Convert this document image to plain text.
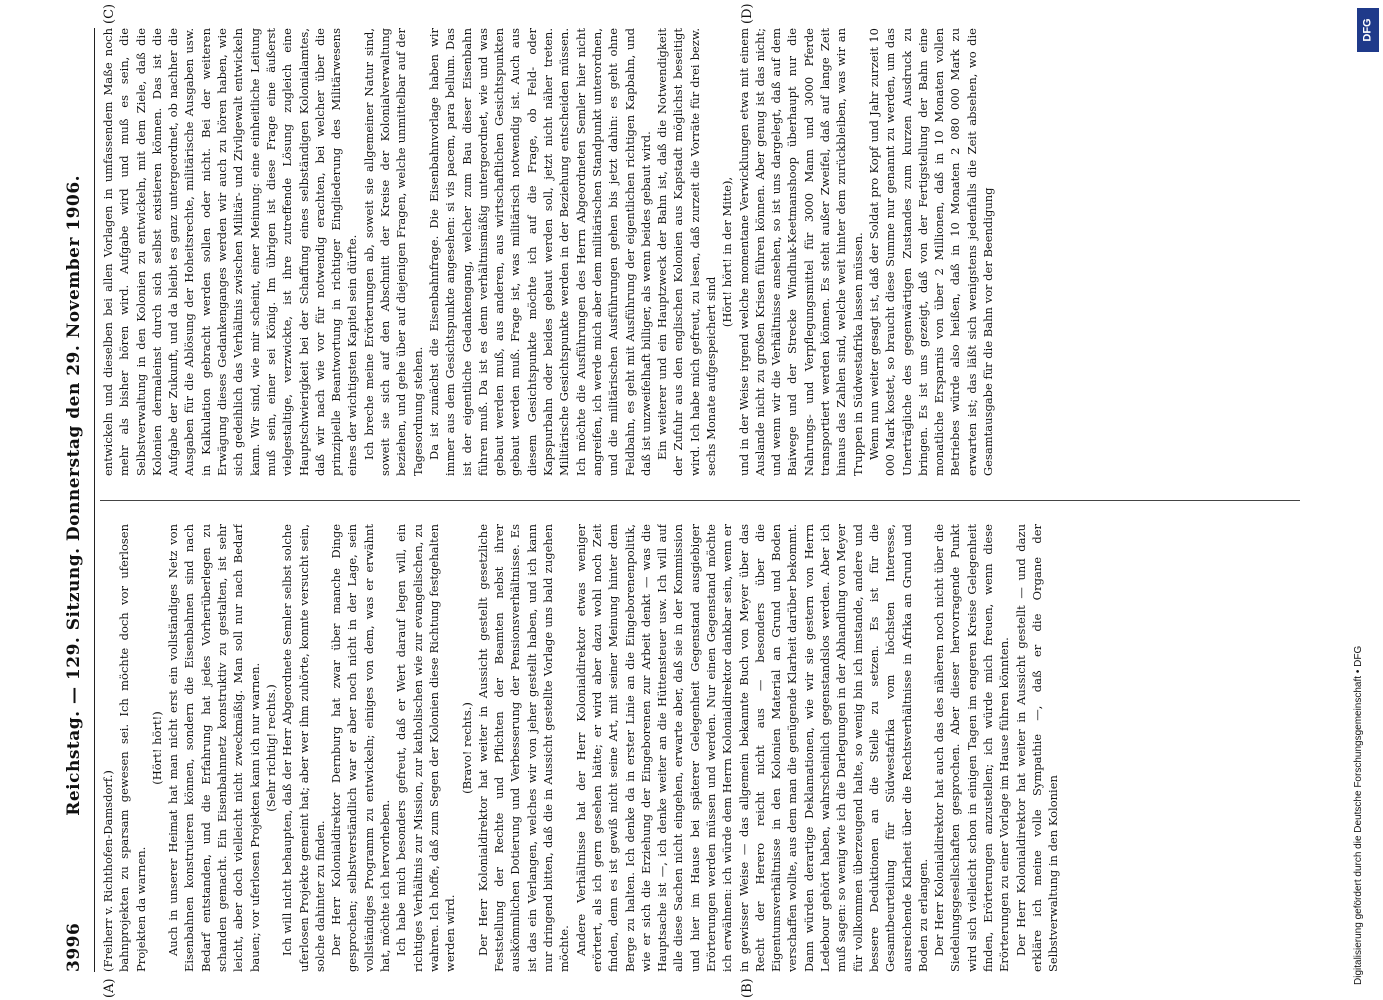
3996
Reichstag. — 129. Sitzung. Donnerstag den 29. November 1906.
(A)	(B)
(C)	(D)

(Freiherr v. Richthofen-Damsdorf.) bahnprojekten zu sparsam gewesen sei. Ich möchte doch vor uferlosen Projekten da warnen.

(Hört! hört!) Auch in unserer Heimat hat man nicht erst ein vollständiges Netz von Eisenbahnen konstruieren können, sondern die Eisenbahnen sind nach Bedarf entstanden, und die Erfahrung hat jedes Vorherüberlegen zu schanden gemacht. Ein Eisenbahnnetz konstruktiv zu gestalten, ist sehr leicht, aber doch vielleicht nicht zweckmäßig. Man soll nur nach Bedarf bauen; vor uferlosen Projekten kann ich nur warnen. (Sehr richtig! rechts.) Ich will nicht behaupten, daß der Herr Abgeordnete Semler selbst solche uferlosen Projekte gemeint hat; aber wer ihm zuhörte, konnte versucht sein, solche dahinter zu finden. Der Herr Kolonialdirektor Dernburg hat zwar über manche Dinge gesprochen; selbstverständlich war er aber noch nicht in der Lage, sein vollständiges Programm zu entwickeln; einiges von dem, was er erwähnt hat, möchte ich hervorheben. Ich habe mich besonders gefreut, daß er Wert darauf legen will, ein richtiges Verhältnis zur Mission, zur katholischen wie zur evangelischen, zu wahren. Ich hoffe, daß zum Segen der Kolonien diese Richtung festgehalten werden wird.

(Bravo! rechts.) Der Herr Kolonialdirektor hat weiter in Aussicht gestellt gesetzliche Feststellung der Rechte und Pflichten der Beamten nebst ihrer auskömmlichen Dotierung und Verbesserung der Pensionsverhältnisse. Es ist das ein Verlangen, welches wir von jeher gestellt haben, und ich kann nur dringend bitten, daß die in Aussicht gestellte Vorlage uns bald zugehen möchte. Andere Verhältnisse hat der Herr Kolonialdirektor etwas weniger erörtert, als ich gern gesehen hätte; er wird aber dazu wohl noch Zeit finden, denn es ist gewiß nicht seine Art, mit seiner Meinung hinter dem Berge zu halten. Ich denke da in erster Linie an die Eingeborenenpolitik, wie er sich die Erziehung der Eingeborenen zur Arbeit denkt — was die Hauptsache ist —, ich denke weiter an die Hüttensteuer usw. Ich will auf alle diese Sachen nicht eingehen, erwarte aber, daß sie in der Kommission und hier im Hause bei späterer Gelegenheit Gegenstand ausgiebiger Erörterungen werden müssen und werden. Nur einen Gegenstand möchte ich erwähnen: ich würde dem Herrn Kolonialdirektor dankbar sein, wenn er in gewisser Weise — das allgemein bekannte Buch von Meyer über das Recht der Herero reicht nicht aus — besonders über die Eigentumsverhältnisse in den Kolonien Material an Grund und Boden verschaffen wollte, aus dem man die genügende Klarheit darüber bekommt. Dann würden derartige Deklamationen, wie wir sie gestern von Herrn Ledebour gehört haben, wahrscheinlich gegenstandslos werden. Aber ich muß sagen: so wenig wie ich die Darlegungen in der Abhandlung von Meyer für vollkommen überzeugend halte, so wenig bin ich imstande, andere und bessere Deduktionen an die Stelle zu setzen. Es ist für die Gesamtbeurteilung für Südwestafrika vom höchsten Interesse, ausreichende Klarheit über die Rechtsverhältnisse in Afrika an Grund und Boden zu erlangen. Der Herr Kolonialdirektor hat auch das des näheren noch nicht über die Siedelungsgesellschaften gesprochen. Aber dieser hervorragende Punkt wird sich vielleicht schon in einigen Tagen im engeren Kreise Gelegenheit finden, Erörterungen anzustellen; ich würde mich freuen, wenn diese Erörterungen zu einer Vorlage im Hause führen könnten. Der Herr Kolonialdirektor hat weiter in Aussicht gestellt — und dazu erkläre ich meine volle Sympathie —, daß er die Organe der Selbstverwaltung in den Kolonien

entwickeln und dieselben bei allen Vorlagen in umfassendem Maße noch mehr als bisher hören wird. Aufgabe wird und muß es sein, die Selbstverwaltung in den Kolonien zu entwickeln, mit dem Ziele, daß die Kolonien dermaleinst durch sich selbst existieren können. Das ist die Aufgabe der Zukunft, und da bleibt es ganz untergeordnet, ob nachher die Ausgaben für die Ablösung der Hoheitsrechte, militärische Ausgaben usw. in Kalkulation gebracht werden sollen oder nicht. Bei der weiteren Erwägung dieses Gedankenganges werden wir auch zu hören haben, wie sich gedeihlich das Verhältnis zwischen Militär- und Zivilgewalt entwickeln kann. Wir sind, wie mir scheint, einer Meinung: eine einheitliche Leitung muß sein, einer sei König. Im übrigen ist diese Frage eine äußerst vielgestaltige, verzwickte, ist ihre zutreffende Lösung zugleich eine Hauptschwierigkeit bei der Schaffung eines selbständigen Kolonialamtes, daß wir nach wie vor für notwendig erachten, bei welcher über die prinzipielle Beantwortung in richtiger Eingliederung des Militärwesens eines der wichtigsten Kapitel sein dürfte. Ich breche meine Erörterungen ab, soweit sie allgemeiner Natur sind, soweit sie sich auf den Abschnitt der Kreise der Kolonialverwaltung beziehen, und gehe über auf diejenigen Fragen, welche unmittelbar auf der Tagesordnung stehen. Da ist zunächst die Eisenbahnfrage. Die Eisenbahnvorlage haben wir immer aus dem Gesichtspunkte angesehen: si vis pacem, para bellum. Das ist der eigentliche Gedankengang, welcher zum Bau dieser Eisenbahn führen muß. Da ist es denn verhältnismäßig untergeordnet, wie und was gebaut werden muß, aus anderen, aus wirtschaftlichen Gesichtspunkten gebaut werden muß. Frage ist, was militärisch notwendig ist. Auch aus diesem Gesichtspunkte möchte ich auf die Frage, ob Feld- oder Kapspurbahn oder beides gebaut werden soll, jetzt nicht näher treten. Militärische Gesichtspunkte werden in der Beziehung entscheiden müssen. Ich möchte die Ausführungen des Herrn Abgeordneten Semler hier nicht angreifen, ich werde mich aber dem militärischen Standpunkt unterordnen, und die militärischen Ausführungen gehen bis jetzt dahin: es geht ohne Feldbahn, es geht mit Ausführung der eigentlichen richtigen Kapbahn, und daß ist unzweifelhaft billiger, als wenn beides gebaut wird. Ein weiterer und ein Hauptzweck der Bahn ist, daß die Notwendigkeit der Zufuhr aus den englischen Kolonien aus Kapstadt möglichst beseitigt wird. Ich habe mich gefreut, zu lesen, daß zurzeit die Vorräte für drei bezw. sechs Monate aufgespeichert sind

(Hört! hört! in der Mitte), und in der Weise irgend welche momentane Verwicklungen etwa mit einem Auslande nicht zu großen Krisen führen können. Aber genug ist das nicht; und wenn wir die Verhältnisse ansehen, so ist uns dargelegt, daß auf dem Baiwege und der Strecke Windhuk-Keetmanshoop überhaupt nur die Nahrungs- und Verpflegungsmittel für 3000 Mann und 3000 Pferde transportiert werden können. Es steht außer Zweifel, daß auf lange Zeit hinaus das Zahlen sind, welche weit hinter dem zurückbleiben, was wir an Truppen in Südwestafrika lassen müssen. Wenn nun weiter gesagt ist, daß der Soldat pro Kopf und Jahr zurzeit 10 000 Mark kostet, so braucht diese Summe nur genannt zu werden, um das Unerträgliche des gegenwärtigen Zustandes zum kurzen Ausdruck zu bringen. Es ist uns gezeigt, daß von der Fertigstellung der Bahn eine monatliche Ersparnis von über 2 Millionen, daß in 10 Monaten vollen Betriebes würde also heißen, daß in 10 Monaten 2 080 000 Mark zu erwarten ist; das läßt sich wenigstens jedenfalls die Zeit absehen, wo die Gesamtausgabe für die Bahn vor der Beendigung

Digitalisierung gefördert durch die Deutsche Forschungsgemeinschaft • DFG
DFG
